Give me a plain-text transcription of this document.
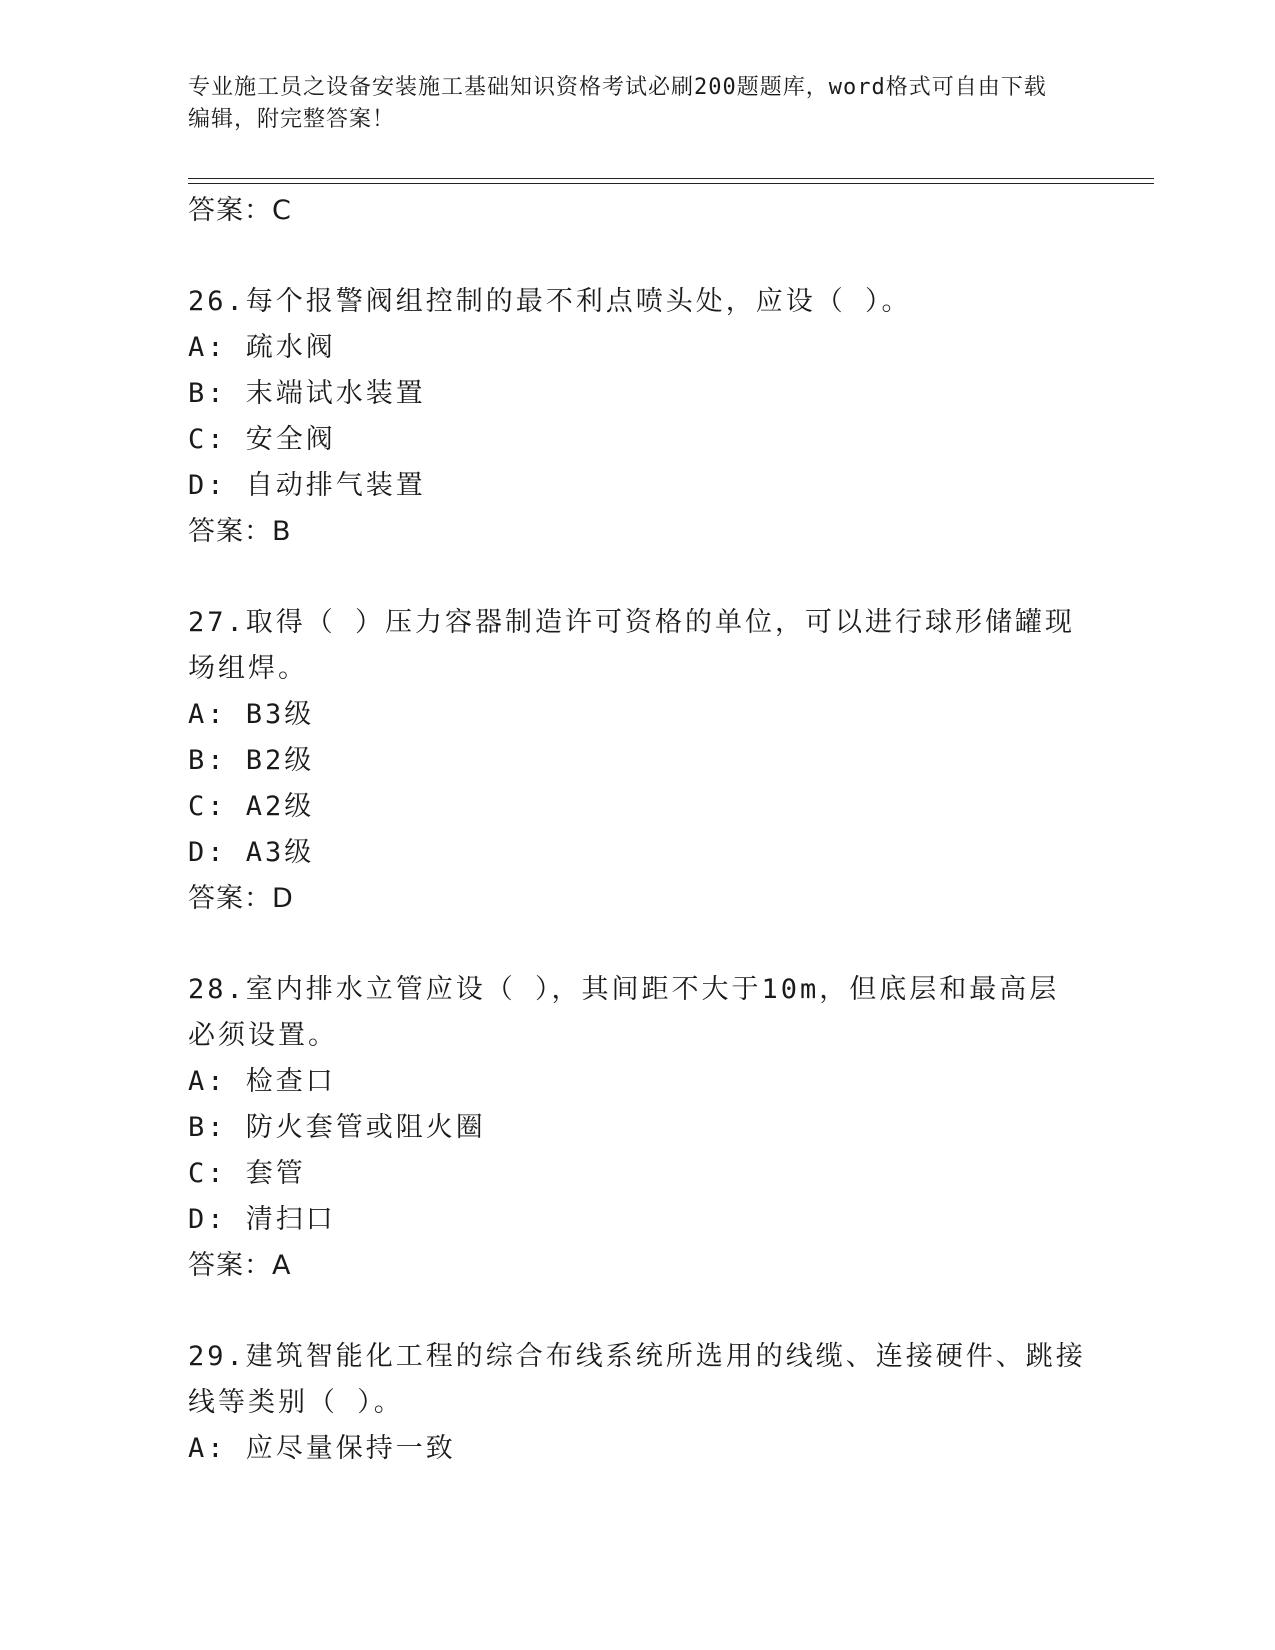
专业施工员之设备安装施工基础知识资格考试必刷200题题库，word格式可自由下载编辑，附完整答案！
答案：C
26.每个报警阀组控制的最不利点喷头处，应设（ ）。
A: 疏水阀
B: 末端试水装置
C: 安全阀
D: 自动排气装置
答案：B
27.取得（ ）压力容器制造许可资格的单位，可以进行球形储罐现场组焊。
A: B3级
B: B2级
C: A2级
D: A3级
答案：D
28.室内排水立管应设（ ），其间距不大于10m，但底层和最高层必须设置。
A: 检查口
B: 防火套管或阻火圈
C: 套管
D: 清扫口
答案：A
29.建筑智能化工程的综合布线系统所选用的线缆、连接硬件、跳接线等类别（ ）。
A: 应尽量保持一致
